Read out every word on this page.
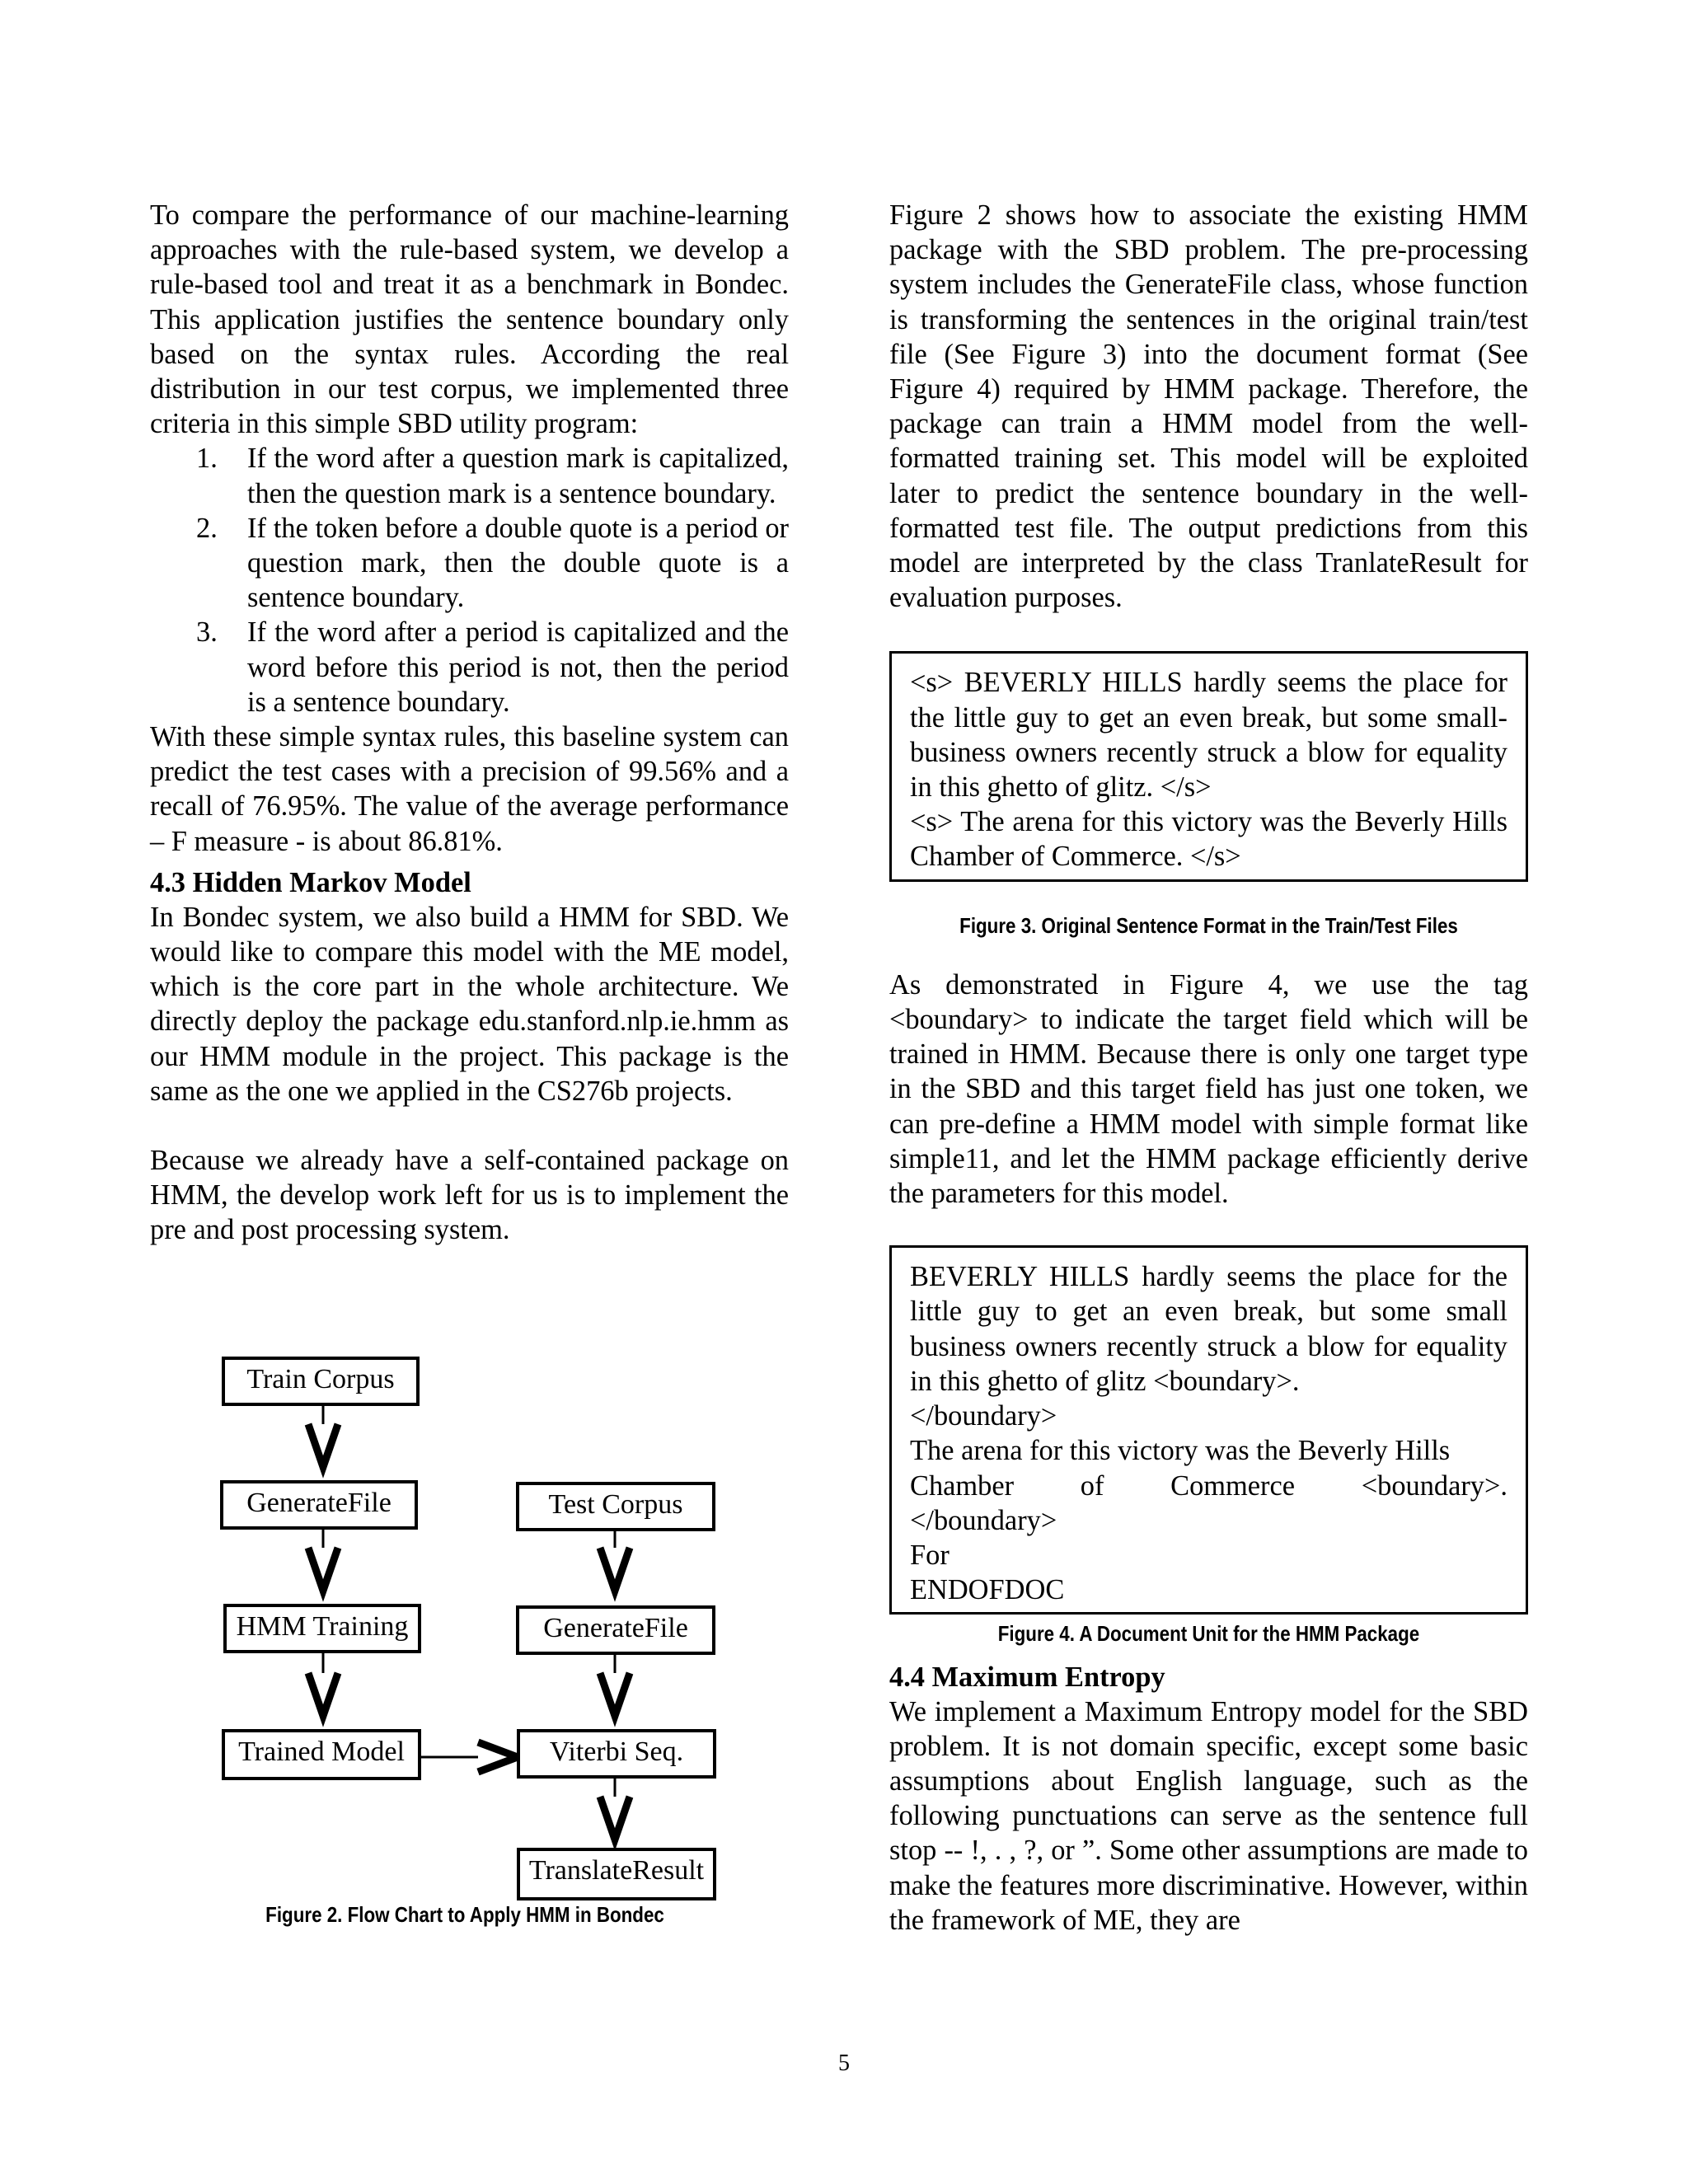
To compare the performance of our machine-learning approaches with the rule-based system, we develop a rule-based tool and treat it as a benchmark in Bondec. This application justifies the sentence boundary only based on the syntax rules. According the real distribution in our test corpus, we implemented three criteria in this simple SBD utility program:

1.	If the word after a question mark is capitalized, then the question mark is a sentence boundary.
2.	If the token before a double quote is a period or question mark, then the double quote is a sentence boundary.
3.	If the word after a period is capitalized and the word before this period is not, then the period is a sentence boundary.

With these simple syntax rules, this baseline system can predict the test cases with a precision of 99.56% and a recall of 76.95%. The value of the average performance – F measure - is about 86.81%.

4.3 Hidden Markov Model

In Bondec system, we also build a HMM for SBD. We would like to compare this model with the ME model, which is the core part in the whole architecture. We directly deploy the package edu.stanford.nlp.ie.hmm as our HMM module in the project. This package is the same as the one we applied in the CS276b projects.

Because we already have a self-contained package on HMM, the develop work left for us is to implement the pre and post processing system.

Train Corpus
GenerateFile	Test Corpus
HMM Training	GenerateFile
Trained Model	Viterbi Seq.
TranslateResult
Figure 2. Flow Chart to Apply HMM in Bondec

Figure 2 shows how to associate the existing HMM package with the SBD problem. The pre-processing system includes the GenerateFile class, whose function is transforming the sentences in the original train/test file (See Figure 3) into the document format (See Figure 4) required by HMM package. Therefore, the package can train a HMM model from the well-formatted training set. This model will be exploited later to predict the sentence boundary in the well-formatted test file. The output predictions from this model are interpreted by the class TranlateResult for evaluation purposes.

<s> BEVERLY HILLS hardly seems the place for the little guy to get an even break, but some small-business owners recently struck a blow for equality in this ghetto of glitz. </s>

<s> The arena for this victory was the Beverly Hills Chamber of Commerce. </s>

Figure 3. Original Sentence Format in the Train/Test Files

As demonstrated in Figure 4, we use the tag <boundary> to indicate the target field which will be trained in HMM. Because there is only one target type in the SBD and this target field has just one token, we can pre-define a HMM model with simple format like simple11, and let the HMM package efficiently derive the parameters for this model.

BEVERLY HILLS hardly seems the place for the little guy to get an even break, but some small business owners recently struck a blow for equality in this ghetto of glitz <boundary>.

</boundary>

The arena for this victory was the Beverly Hills

Chamber of Commerce <boundary>.

</boundary>

For

ENDOFDOC

Figure 4. A Document Unit for the HMM Package
4.4 Maximum Entropy

We implement a Maximum Entropy model for the SBD problem. It is not domain specific, except some basic assumptions about English language, such as the following punctuations can serve as the sentence full stop -- !, . , ?, or ”. Some other assumptions are made to make the features more discriminative. However, within the framework of ME, they are

5
